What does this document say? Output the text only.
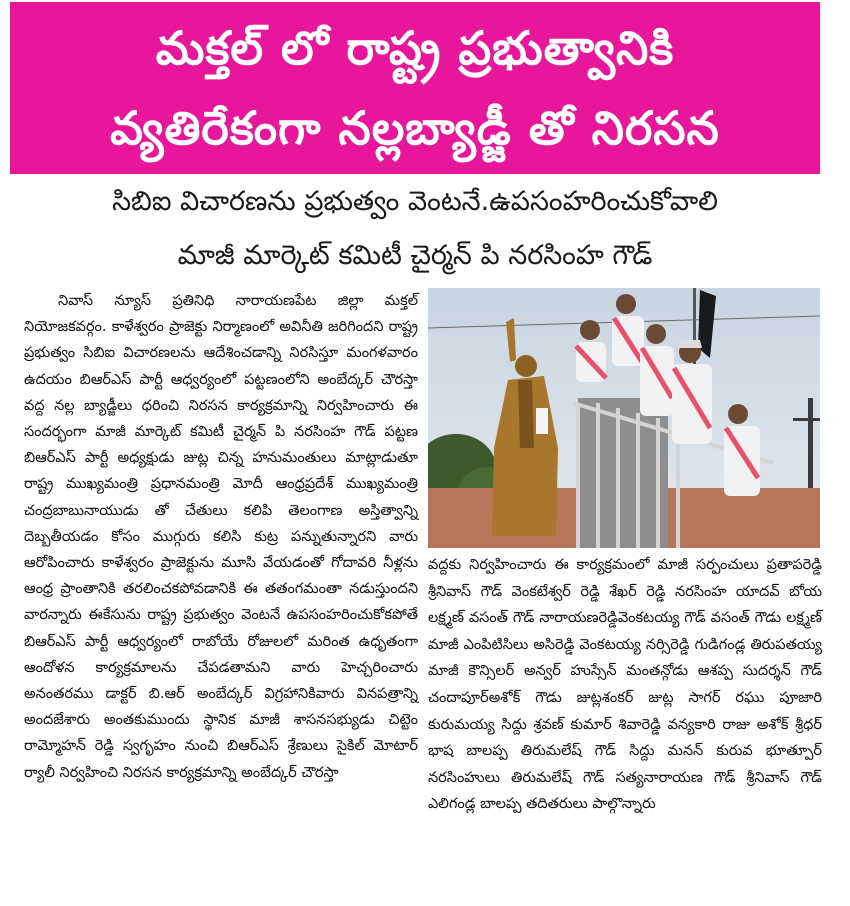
మక్తల్ లో రాష్ట్ర ప్రభుత్వానికి
వ్యతిరేకంగా నల్లబ్యాడ్జీ తో నిరసన
సిబిఐ విచారణను ప్రభుత్వం వెంటనే.ఉపసంహరించుకోవాలి
మాజీ మార్కెట్ కమిటీ చైర్మన్ పి నరసింహ గౌడ్

నివాస్ న్యూస్ ప్రతినిధి నారాయణపేట జిల్లా మక్తల్ నియోజకవర్గం. కాళేశ్వరం ప్రాజెక్టు నిర్మాణంలో అవినీతి జరిగిందని రాష్ట్ర ప్రభుత్వం సిబిఐ విచారణలను ఆదేశించడాన్ని నిరసిస్తూ మంగళవారం ఉదయం బిఆర్ఎస్ పార్టీ ఆధ్వర్యంలో పట్టణంలోని అంబేద్కర్ చౌరస్తా వద్ద నల్ల బ్యాడ్జీలు ధరించి నిరసన కార్యక్రమాన్ని నిర్వహించారు ఈ సందర్భంగా మాజీ మార్కెట్ కమిటీ చైర్మన్ పి నరసింహ గౌడ్ పట్టణ బిఆర్ఎస్ పార్టీ అధ్యక్షుడు జుట్ల చిన్న హనుమంతులు మాట్లాడుతూ రాష్ట్ర ముఖ్యమంత్రి ప్రధానమంత్రి మోదీ ఆంధ్రప్రదేశ్ ముఖ్యమంత్రి చంద్రబాబునాయుడు తో చేతులు కలిపి తెలంగాణ అస్తిత్వాన్ని దెబ్బతీయడం కోసం ముగ్గురు కలిసి కుట్ర పన్నుతున్నారని వారు ఆరోపించారు కాళేశ్వరం ప్రాజెక్టును మూసి వేయడంతో గోదావరి నీళ్లను ఆంధ్ర ప్రాంతానికి తరలించకపోవడానికి ఈ తతంగమంతా నడుస్తుందని వారన్నారు ఈకేసును రాష్ట్ర ప్రభుత్వం వెంటనే ఉపసంహరించుకోకపోతే బిఆర్ఎస్ పార్టీ ఆధ్వర్యంలో రాబోయే రోజులలో మరింత ఉధృతంగా ఆందోళన కార్యక్రమాలను చేపడతామని వారు హెచ్చరించారు అనంతరము డాక్టర్ బి.ఆర్ అంబేద్కర్ విగ్రహానికివారు వినపత్రాన్ని అందజేశారు అంతకుముందు స్థానిక మాజీ శాసనసభ్యుడు చిట్టెం రామ్మోహన్ రెడ్డి స్వగృహం నుంచి బిఆర్ఎస్ శ్రేణులు సైకిల్ మోటార్ ర్యాలీ నిర్వహించి నిరసన కార్యక్రమాన్ని అంబేద్కర్ చౌరస్తా

వద్దకు నిర్వహించారు ఈ కార్యక్రమంలో మాజీ సర్పంచులు ప్రతాపరెడ్డి శ్రీనివాస్ గౌడ్ వెంకటేశ్వర్ రెడ్డి శేఖర్ రెడ్డి నరసింహ యాదవ్ బోయ లక్ష్మణ్ వసంత్ గౌడ్ నారాయణరెడ్డివెంకటయ్య గౌడ్ వసంత్ గౌడు లక్ష్మణ్ మాజీ ఎంపిటిసిలు అసిరెడ్డి వెంకటయ్య నర్సిరెడ్డి గుడిగండ్ల తిరుపతయ్య మాజీ కౌన్సిలర్ అన్వర్ హుస్సేన్ మంతన్గోడు ఆశప్ప సుదర్శన్ గౌడ్ చందాపూర్అశోక్ గౌడు జుట్లశంకర్ జుట్ల సాగర్ రఘు పూజారి కురుమయ్య సిద్దు శ్రవణ్ కుమార్ శివారెడ్డి వన్యకారి రాజు అశోక్ శ్రీధర్ భాష బాలప్ప తిరుమలేష్ గౌడ్ సిద్దు మనన్ కురువ భూత్పూర్ నరసింహులు తిరుమలేష్ గౌడ్ సత్యనారాయణ గౌడ్ శ్రీనివాస్ గౌడ్ ఎలిగండ్ల బాలప్ప తదితరులు పాల్గొన్నారు
